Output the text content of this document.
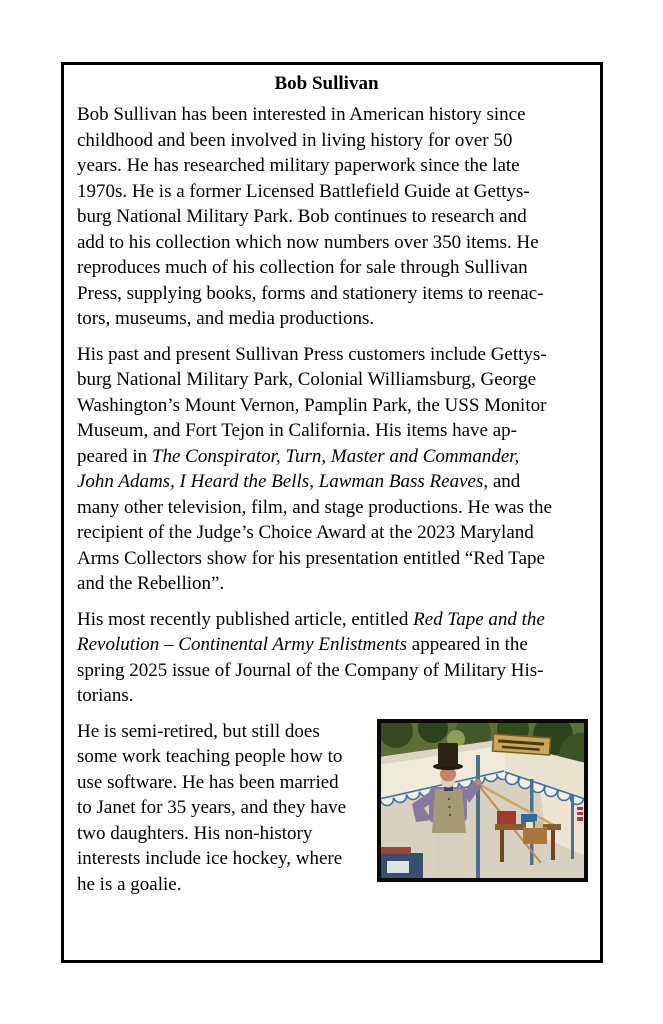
Bob Sullivan
Bob Sullivan has been interested in American history since
childhood and been involved in living history for over 50
years. He has researched military paperwork since the late
1970s. He is a former Licensed Battlefield Guide at Gettys-
burg National Military Park. Bob continues to research and
add to his collection which now numbers over 350 items. He
reproduces much of his collection for sale through Sullivan
Press, supplying books, forms and stationery items to reenac-
tors, museums, and media productions.
His past and present Sullivan Press customers include Gettys-
burg National Military Park, Colonial Williamsburg, George
Washington’s Mount Vernon, Pamplin Park, the USS Monitor
Museum, and Fort Tejon in California. His items have ap-
peared in The Conspirator, Turn, Master and Commander,
John Adams, I Heard the Bells, Lawman Bass Reaves, and
many other television, film, and stage productions. He was the
recipient of the Judge’s Choice Award at the 2023 Maryland
Arms Collectors show for his presentation entitled “Red Tape
and the Rebellion”.
His most recently published article, entitled Red Tape and the
Revolution – Continental Army Enlistments appeared in the
spring 2025 issue of Journal of the Company of Military His-
torians.
He is semi-retired, but still does
some work teaching people how to
use software. He has been married
to Janet for 35 years, and they have
two daughters. His non-history
interests include ice hockey, where
he is a goalie.
